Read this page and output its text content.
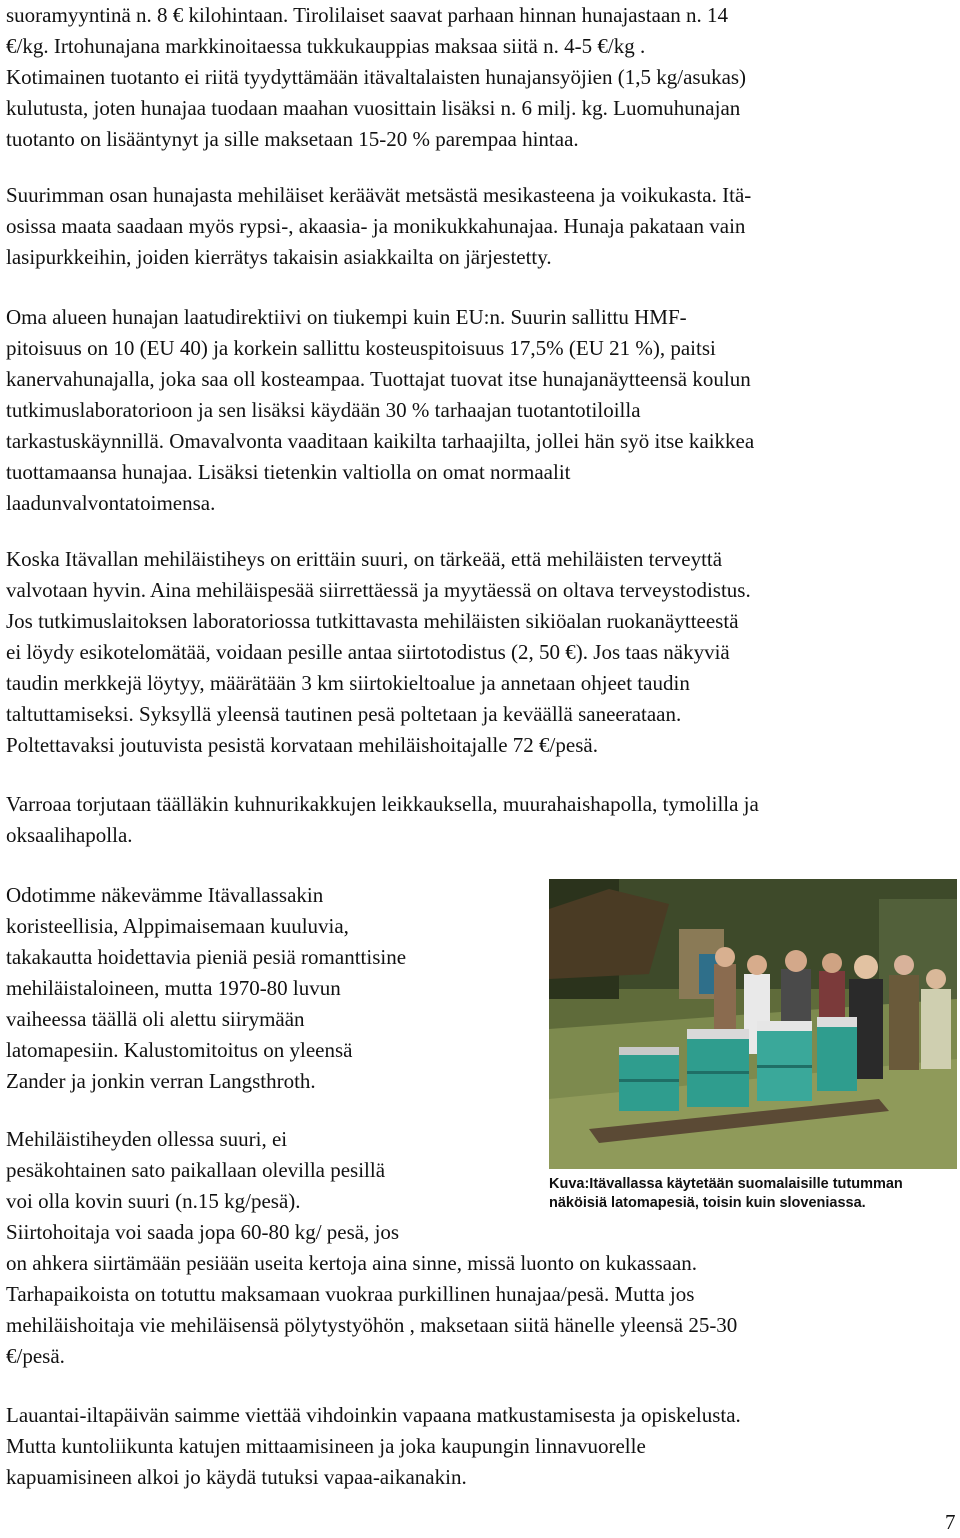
suoramyyntinä n. 8 € kilohintaan. Tirolilaiset saavat parhaan hinnan hunajastaan n. 14
€/kg. Irtohunajana markkinoitaessa tukkukauppias maksaa siitä n. 4-5 €/kg .
Kotimainen tuotanto ei riitä tyydyttämään itävaltalaisten hunajansyöjien (1,5 kg/asukas)
kulutusta, joten hunajaa tuodaan maahan vuosittain lisäksi n. 6 milj. kg. Luomuhunajan
tuotanto on lisääntynyt ja sille maksetaan 15-20 % parempaa hintaa.
Suurimman osan hunajasta mehiläiset keräävät metsästä mesikasteena ja voikukasta. Itä-
osissa maata saadaan myös rypsi-, akaasia- ja monikukkahunajaa. Hunaja pakataan vain
lasipurkkeihin, joiden kierrätys takaisin asiakkailta on järjestetty.
Oma alueen hunajan laatudirektiivi on tiukempi kuin EU:n. Suurin sallittu HMF-
pitoisuus on 10 (EU 40) ja korkein sallittu kosteuspitoisuus 17,5% (EU 21 %), paitsi
kanervahunajalla, joka saa oll kosteampaa. Tuottajat tuovat itse hunajanäytteensä koulun
tutkimuslaboratorioon ja sen lisäksi käydään 30 % tarhaajan tuotantotiloilla
tarkastuskäynnillä. Omavalvonta vaaditaan kaikilta tarhaajilta, jollei hän syö itse kaikkea
tuottamaansa hunajaa. Lisäksi tietenkin valtiolla on omat normaalit
laadunvalvontatoimensa.
Koska Itävallan mehiläistiheys on erittäin suuri, on tärkeää, että mehiläisten terveyttä
valvotaan hyvin. Aina mehiläispesää siirrettäessä ja myytäessä on oltava terveystodistus.
Jos tutkimuslaitoksen laboratoriossa tutkittavasta mehiläisten sikiöalan ruokanäytteestä
ei löydy esikotelomätää, voidaan pesille antaa siirtotodistus (2, 50 €). Jos taas näkyviä
taudin merkkejä löytyy, määrätään 3 km siirtokieltoalue ja annetaan ohjeet taudin
taltuttamiseksi. Syksyllä yleensä tautinen pesä poltetaan ja keväällä saneerataan.
Poltettavaksi joutuvista pesistä korvataan mehiläishoitajalle 72 €/pesä.
Varroaa torjutaan täälläkin kuhnurikakkujen leikkauksella, muurahaishapolla, tymolilla ja
oksaalihapolla.
Odotimme näkevämme Itävallassakin
koristeellisia, Alppimaisemaan kuuluvia,
takakautta hoidettavia pieniä pesiä romanttisine
mehiläistaloineen, mutta 1970-80 luvun
vaiheessa täällä oli alettu siirymään
latomapesiin. Kalustomitoitus on yleensä
Zander ja jonkin verran Langsthroth.
Mehiläistiheyden ollessa suuri, ei
pesäkohtainen sato paikallaan olevilla pesillä
voi olla kovin suuri (n.15 kg/pesä).
Siirtohoitaja voi saada jopa 60-80 kg/ pesä, jos
on ahkera siirtämään pesiään useita kertoja aina sinne, missä luonto on kukassaan.
Tarhapaikoista on totuttu maksamaan vuokraa purkillinen hunajaa/pesä. Mutta jos
mehiläishoitaja vie mehiläisensä pölytystyöhön , maksetaan siitä hänelle yleensä 25-30
€/pesä.
Lauantai-iltapäivän saimme viettää vihdoinkin vapaana matkustamisesta ja opiskelusta.
Mutta kuntoliikunta katujen mittaamisineen ja joka kaupungin linnavuorelle
kapuamisineen alkoi jo käydä tutuksi vapaa-aikanakin.
Kuva:Itävallassa käytetään suomalaisille tutumman
näköisiä latomapesiä, toisin kuin sloveniassa.
7
